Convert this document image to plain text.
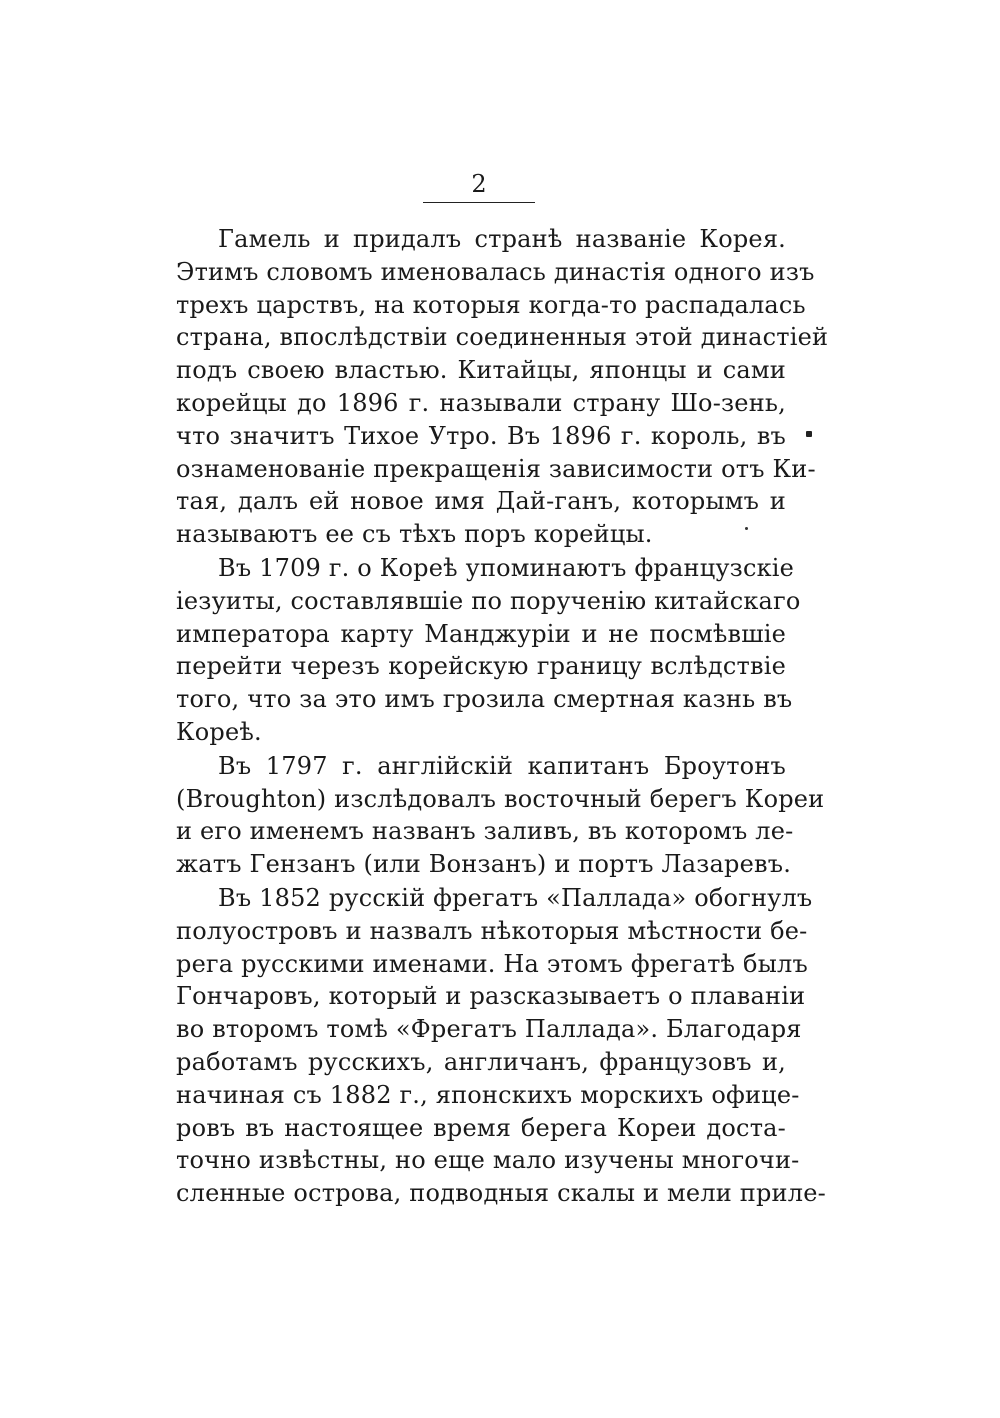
2
Гамель и придалъ странѣ названіе Корея.
Этимъ словомъ именовалась династія одного изъ
трехъ царствъ, на которыя когда-то распадалась
страна, впослѣдствіи соединенныя этой династіей
подъ своею властью. Китайцы, японцы и сами
корейцы до 1896 г. называли страну Шо-зень,
что значитъ Тихое Утро. Въ 1896 г. король, въ
ознаменованіе прекращенія зависимости отъ Ки-
тая, далъ ей новое имя Дай-ганъ, которымъ и
называютъ ее съ тѣхъ поръ корейцы.
Въ 1709 г. о Кореѣ упоминаютъ французскіе
іезуиты, составлявшіе по порученію китайскаго
императора карту Манджуріи и не посмѣвшіе
перейти черезъ корейскую границу вслѣдствіе
того, что за это имъ грозила смертная казнь въ
Кореѣ.
Въ 1797 г. англійскій капитанъ Броутонъ
(Broughton) изслѣдовалъ восточный берегъ Кореи
и его именемъ названъ заливъ, въ которомъ ле-
жатъ Гензанъ (или Вонзанъ) и портъ Лазаревъ.
Въ 1852 русскій фрегатъ «Паллада» обогнулъ
полуостровъ и назвалъ нѣкоторыя мѣстности бе-
рега русскими именами. На этомъ фрегатѣ былъ
Гончаровъ, который и разсказываетъ о плаваніи
во второмъ томѣ «Фрегатъ Паллада». Благодаря
работамъ русскихъ, англичанъ, французовъ и,
начиная съ 1882 г., японскихъ морскихъ офице-
ровъ въ настоящее время берега Кореи доста-
точно извѣстны, но еще мало изучены многочи-
сленные острова, подводныя скалы и мели приле-
